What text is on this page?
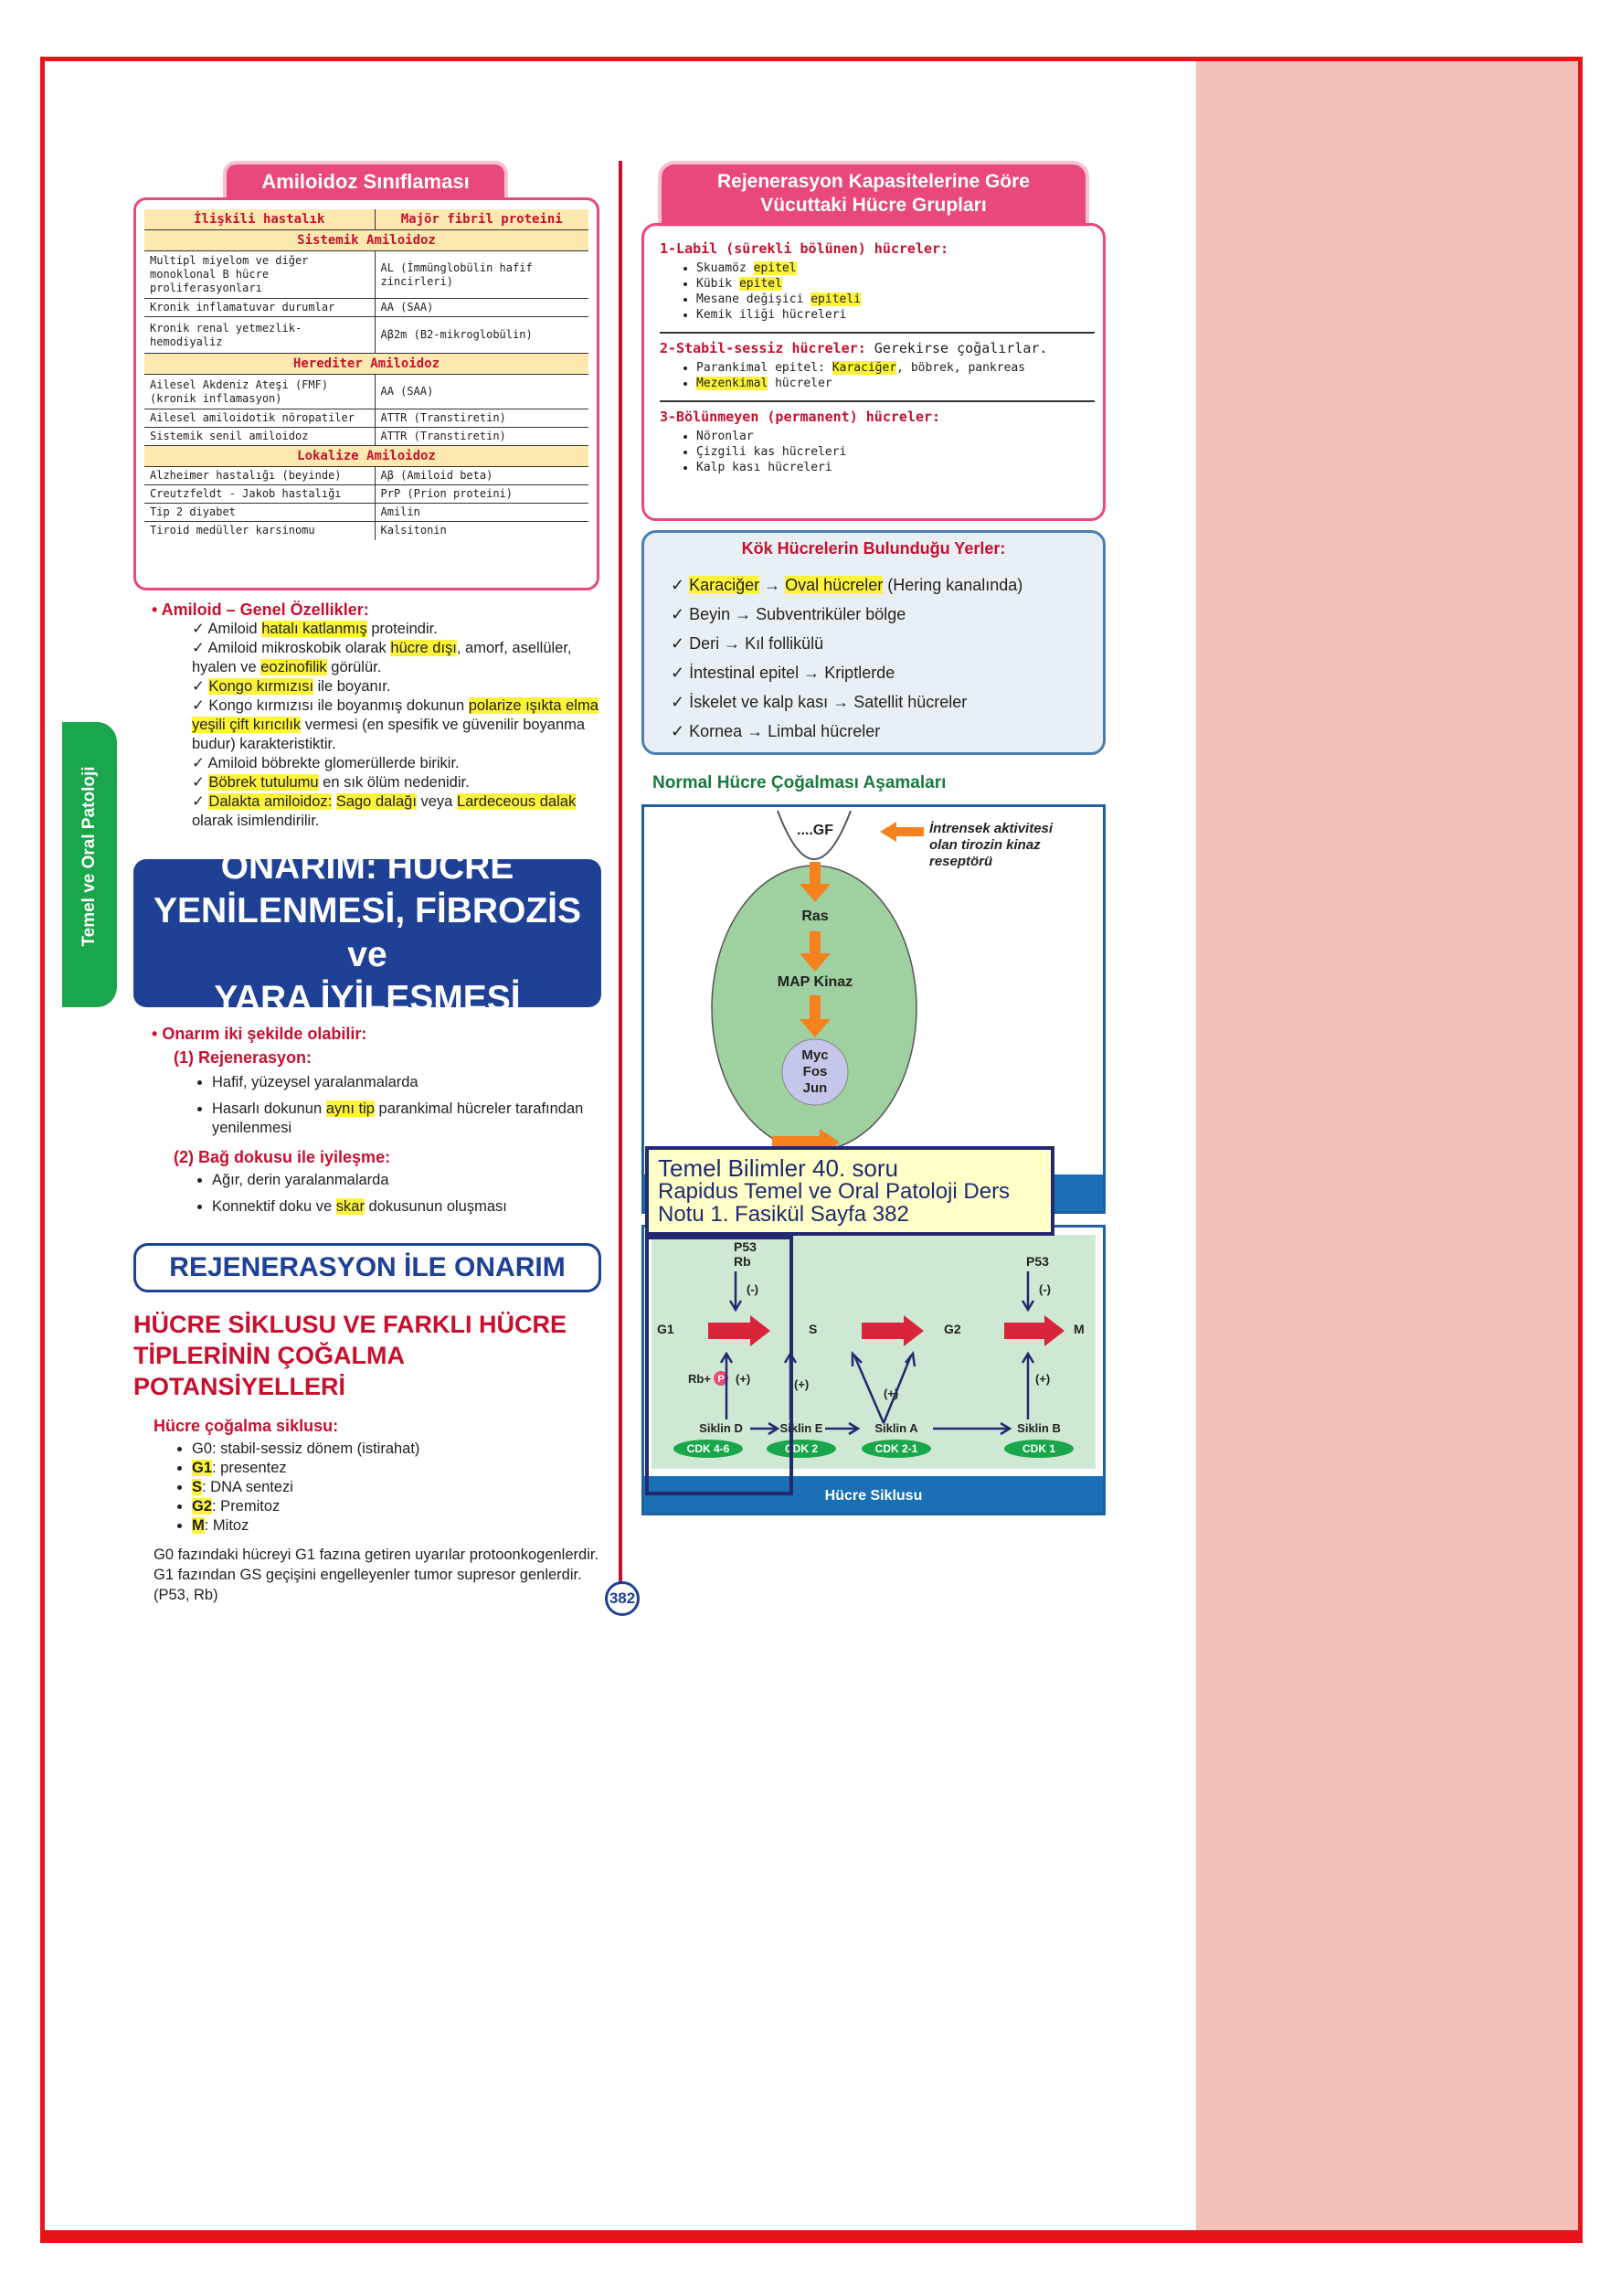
Temel ve Oral Patoloji
Amiloidoz Sınıflaması
İlişkili hastalık	Majör fibril proteini
Sistemik Amiloidoz	
Multipl miyelom ve diğer monoklonal B hücre proliferasyonları	AL (İmmünglobülin hafif zincirleri)
Kronik inflamatuvar durumlar	AA (SAA)
Kronik renal yetmezlik-hemodiyaliz	Aβ2m (B2-mikroglobülin)
Herediter Amiloidoz	
Ailesel Akdeniz Ateşi (FMF) (kronik inflamasyon)	AA (SAA)
Ailesel amiloidotik nöropatiler	ATTR (Transtiretin)
Sistemik senil amiloidoz	ATTR (Transtiretin)
Lokalize Amiloidoz	
Alzheimer hastalığı (beyinde)	Aβ (Amiloid beta)
Creutzfeldt - Jakob hastalığı	PrP (Prion proteini)
Tip 2 diyabet	Amilin
Tiroid medüller karsinomu	Kalsitonin
• Amiloid – Genel Özellikler:
✓ Amiloid hatalı katlanmış proteindir.
✓ Amiloid mikroskobik olarak hücre dışı, amorf, asellüler, hyalen ve eozinofilik görülür.
✓ Kongo kırmızısı ile boyanır.
✓ Kongo kırmızısı ile boyanmış dokunun polarize ışıkta elma yeşili çift kırıcılık vermesi (en spesifik ve güvenilir boyanma budur) karakteristiktir.
✓ Amiloid böbrekte glomerüllerde birikir.
✓ Böbrek tutulumu en sık ölüm nedenidir.
✓ Dalakta amiloidoz: Sago dalağı veya Lardeceous dalak olarak isimlendirilir.
ONARIM: HÜCRE
YENİLENMESİ, FİBROZİS ve
YARA İYİLEŞMESİ
• Onarım iki şekilde olabilir:
(1) Rejenerasyon:
• Hafif, yüzeysel yaralanmalarda
• Hasarlı dokunun aynı tip parankimal hücreler tarafından yenilenmesi
(2) Bağ dokusu ile iyileşme:
• Ağır, derin yaralanmalarda
• Konnektif doku ve skar dokusunun oluşması
REJENERASYON İLE ONARIM
HÜCRE SİKLUSU VE FARKLI HÜCRE
TİPLERİNİN ÇOĞALMA POTANSİYELLERİ
Hücre çoğalma siklusu:
• G0: stabil-sessiz dönem (istirahat)
• G1: presentez
• S: DNA sentezi
• G2: Premitoz
• M: Mitoz
G0 fazındaki hücreyi G1 fazına getiren uyarılar protoonkogenlerdir.
G1 fazından GS geçişini engelleyenler tumor supresor genlerdir. (P53, Rb)
Rejenerasyon Kapasitelerine Göre
Vücuttaki Hücre Grupları
1-Labil (sürekli bölünen) hücreler:
• Skuamöz epitel
• Kübik epitel
• Mesane değişici epiteli
• Kemik iliği hücreleri
2-Stabil-sessiz hücreler: Gerekirse çoğalırlar.
• Parankimal epitel: Karaciğer, böbrek, pankreas
• Mezenkimal hücreler
3-Bölünmeyen (permanent) hücreler:
• Nöronlar
• Çizgili kas hücreleri
• Kalp kası hücreleri
Kök Hücrelerin Bulunduğu Yerler:
✓ Karaciğer → Oval hücreler (Hering kanalında)
✓ Beyin → Subventriküler bölge
✓ Deri → Kıl follikülü
✓ İntestinal epitel → Kriptlerde
✓ İskelet ve kalp kası → Satellit hücreler
✓ Kornea → Limbal hücreler
Normal Hücre Çoğalması Aşamaları
....GF	İntrensek aktivitesi
olan tirozin kinaz
reseptörü
Ras
MAP Kinaz
Myc
Fos
Jun
G1	S	G2	M
P53
Rb	P53
(-)	(-)
Rb+ (+)	(+)
(+)
(+)
P
Siklin D	Siklin E	Siklin A	Siklin B
CDK 4-6	CDK 2	CDK 2-1	CDK 1
Hücre Siklusu
Temel Bilimler 40. soru
Rapidus Temel ve Oral Patoloji Ders
Notu 1. Fasikül Sayfa 382
382
